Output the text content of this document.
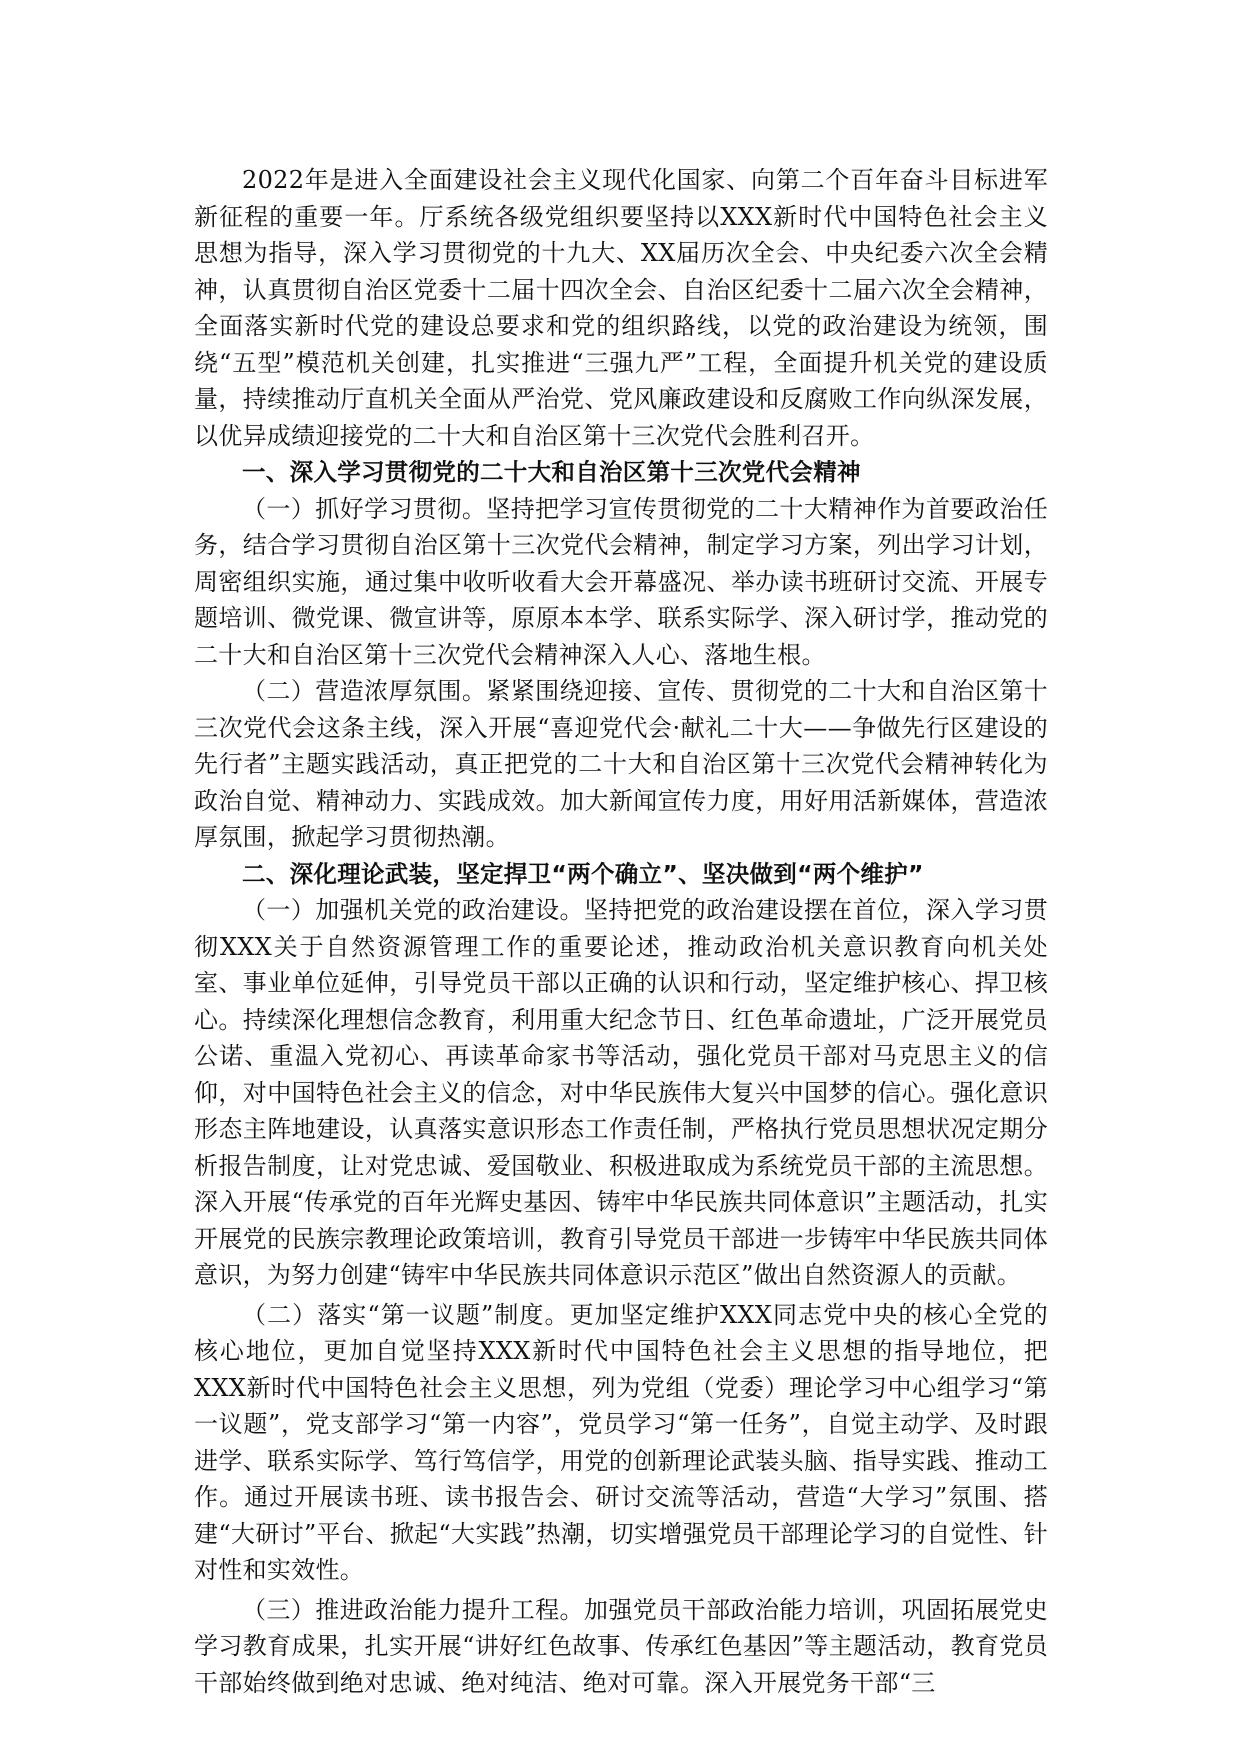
2022年是进入全面建设社会主义现代化国家、向第二个百年奋斗目标进军新征程的重要一年。厅系统各级党组织要坚持以XXX新时代中国特色社会主义思想为指导，深入学习贯彻党的十九大、XX届历次全会、中央纪委六次全会精神，认真贯彻自治区党委十二届十四次全会、自治区纪委十二届六次全会精神，全面落实新时代党的建设总要求和党的组织路线，以党的政治建设为统领，围绕“五型”模范机关创建，扎实推进“三强九严”工程，全面提升机关党的建设质量，持续推动厅直机关全面从严治党、党风廉政建设和反腐败工作向纵深发展，以优异成绩迎接党的二十大和自治区第十三次党代会胜利召开。

一、深入学习贯彻党的二十大和自治区第十三次党代会精神

（一）抓好学习贯彻。坚持把学习宣传贯彻党的二十大精神作为首要政治任务，结合学习贯彻自治区第十三次党代会精神，制定学习方案，列出学习计划，周密组织实施，通过集中收听收看大会开幕盛况、举办读书班研讨交流、开展专题培训、微党课、微宣讲等，原原本本学、联系实际学、深入研讨学，推动党的二十大和自治区第十三次党代会精神深入人心、落地生根。

（二）营造浓厚氛围。紧紧围绕迎接、宣传、贯彻党的二十大和自治区第十三次党代会这条主线，深入开展“喜迎党代会·献礼二十大——争做先行区建设的先行者”主题实践活动，真正把党的二十大和自治区第十三次党代会精神转化为政治自觉、精神动力、实践成效。加大新闻宣传力度，用好用活新媒体，营造浓厚氛围，掀起学习贯彻热潮。

二、深化理论武装，坚定捍卫“两个确立”、坚决做到“两个维护”

（一）加强机关党的政治建设。坚持把党的政治建设摆在首位，深入学习贯彻XXX关于自然资源管理工作的重要论述，推动政治机关意识教育向机关处室、事业单位延伸，引导党员干部以正确的认识和行动，坚定维护核心、捍卫核心。持续深化理想信念教育，利用重大纪念节日、红色革命遗址，广泛开展党员公诺、重温入党初心、再读革命家书等活动，强化党员干部对马克思主义的信仰，对中国特色社会主义的信念，对中华民族伟大复兴中国梦的信心。强化意识形态主阵地建设，认真落实意识形态工作责任制，严格执行党员思想状况定期分析报告制度，让对党忠诚、爱国敬业、积极进取成为系统党员干部的主流思想。深入开展“传承党的百年光辉史基因、铸牢中华民族共同体意识”主题活动，扎实开展党的民族宗教理论政策培训，教育引导党员干部进一步铸牢中华民族共同体意识，为努力创建“铸牢中华民族共同体意识示范区”做出自然资源人的贡献。

（二）落实“第一议题”制度。更加坚定维护XXX同志党中央的核心全党的核心地位，更加自觉坚持XXX新时代中国特色社会主义思想的指导地位，把XXX新时代中国特色社会主义思想，列为党组（党委）理论学习中心组学习“第一议题”，党支部学习“第一内容”，党员学习“第一任务”，自觉主动学、及时跟进学、联系实际学、笃行笃信学，用党的创新理论武装头脑、指导实践、推动工作。通过开展读书班、读书报告会、研讨交流等活动，营造“大学习”氛围、搭建“大研讨”平台、掀起“大实践”热潮，切实增强党员干部理论学习的自觉性、针对性和实效性。

（三）推进政治能力提升工程。加强党员干部政治能力培训，巩固拓展党史学习教育成果，扎实开展“讲好红色故事、传承红色基因”等主题活动，教育党员干部始终做到绝对忠诚、绝对纯洁、绝对可靠。深入开展党务干部“三
